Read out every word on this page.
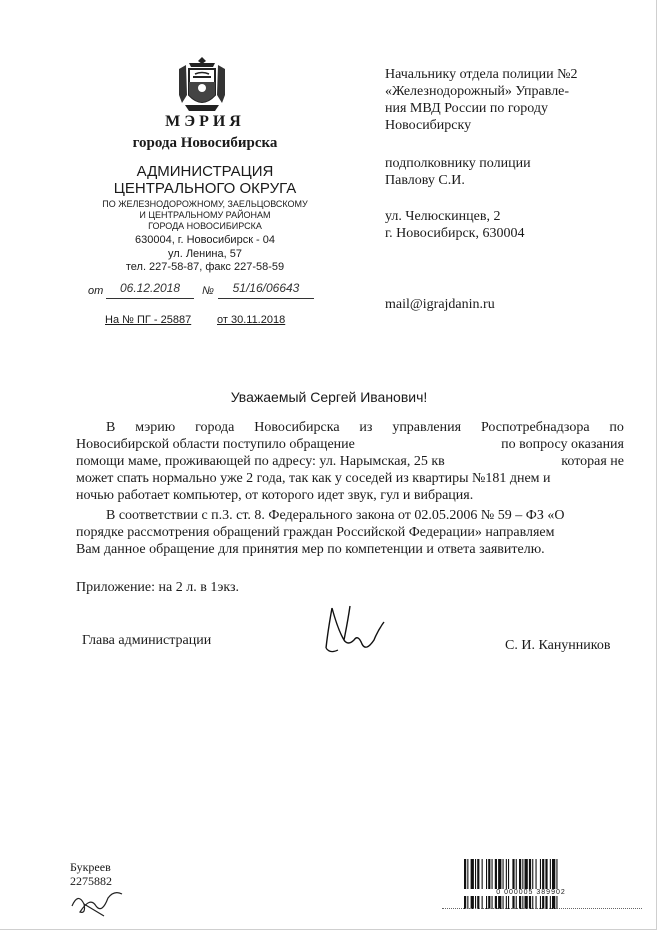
МЭРИЯ
города Новосибирска
АДМИНИСТРАЦИЯ
ЦЕНТРАЛЬНОГО ОКРУГА
ПО ЖЕЛЕЗНОДОРОЖНОМУ, ЗАЕЛЬЦОВСКОМУ
И ЦЕНТРАЛЬНОМУ РАЙОНАМ
ГОРОДА НОВОСИБИРСКА
630004, г. Новосибирск - 04
ул. Ленина, 57
тел. 227-58-87, факс 227-58-59
от	06.12.2018	№	51/16/06643
На № ПГ - 25887 от 30.11.2018
Начальнику отдела полиции №2
«Железнодорожный» Управле-
ния МВД России по городу
Новосибирску
подполковнику полиции
Павлову С.И.
ул. Челюскинцев, 2
г. Новосибирск, 630004
mail@igrajdanin.ru
Уважаемый Сергей Иванович!
В мэрию города Новосибирска из управления Роспотребнадзора по
Новосибирской области поступило обращение	по вопросу оказания
помощи маме, проживающей по адресу: ул. Нарымская, 25 кв	которая не
может спать нормально уже 2 года, так как у соседей из квартиры №181 днем и
ночью работает компьютер, от которого идет звук, гул и вибрация.
В соответствии с п.3. ст. 8. Федерального закона от 02.05.2006 № 59 – ФЗ «О
порядке рассмотрения обращений граждан Российской Федерации» направляем
Вам данное обращение для принятия мер по компетенции и ответа заявителю.
Приложение: на 2 л. в 1экз.
Глава администрации	С. И. Канунников
Букреев
2275882
0 000005 389902
